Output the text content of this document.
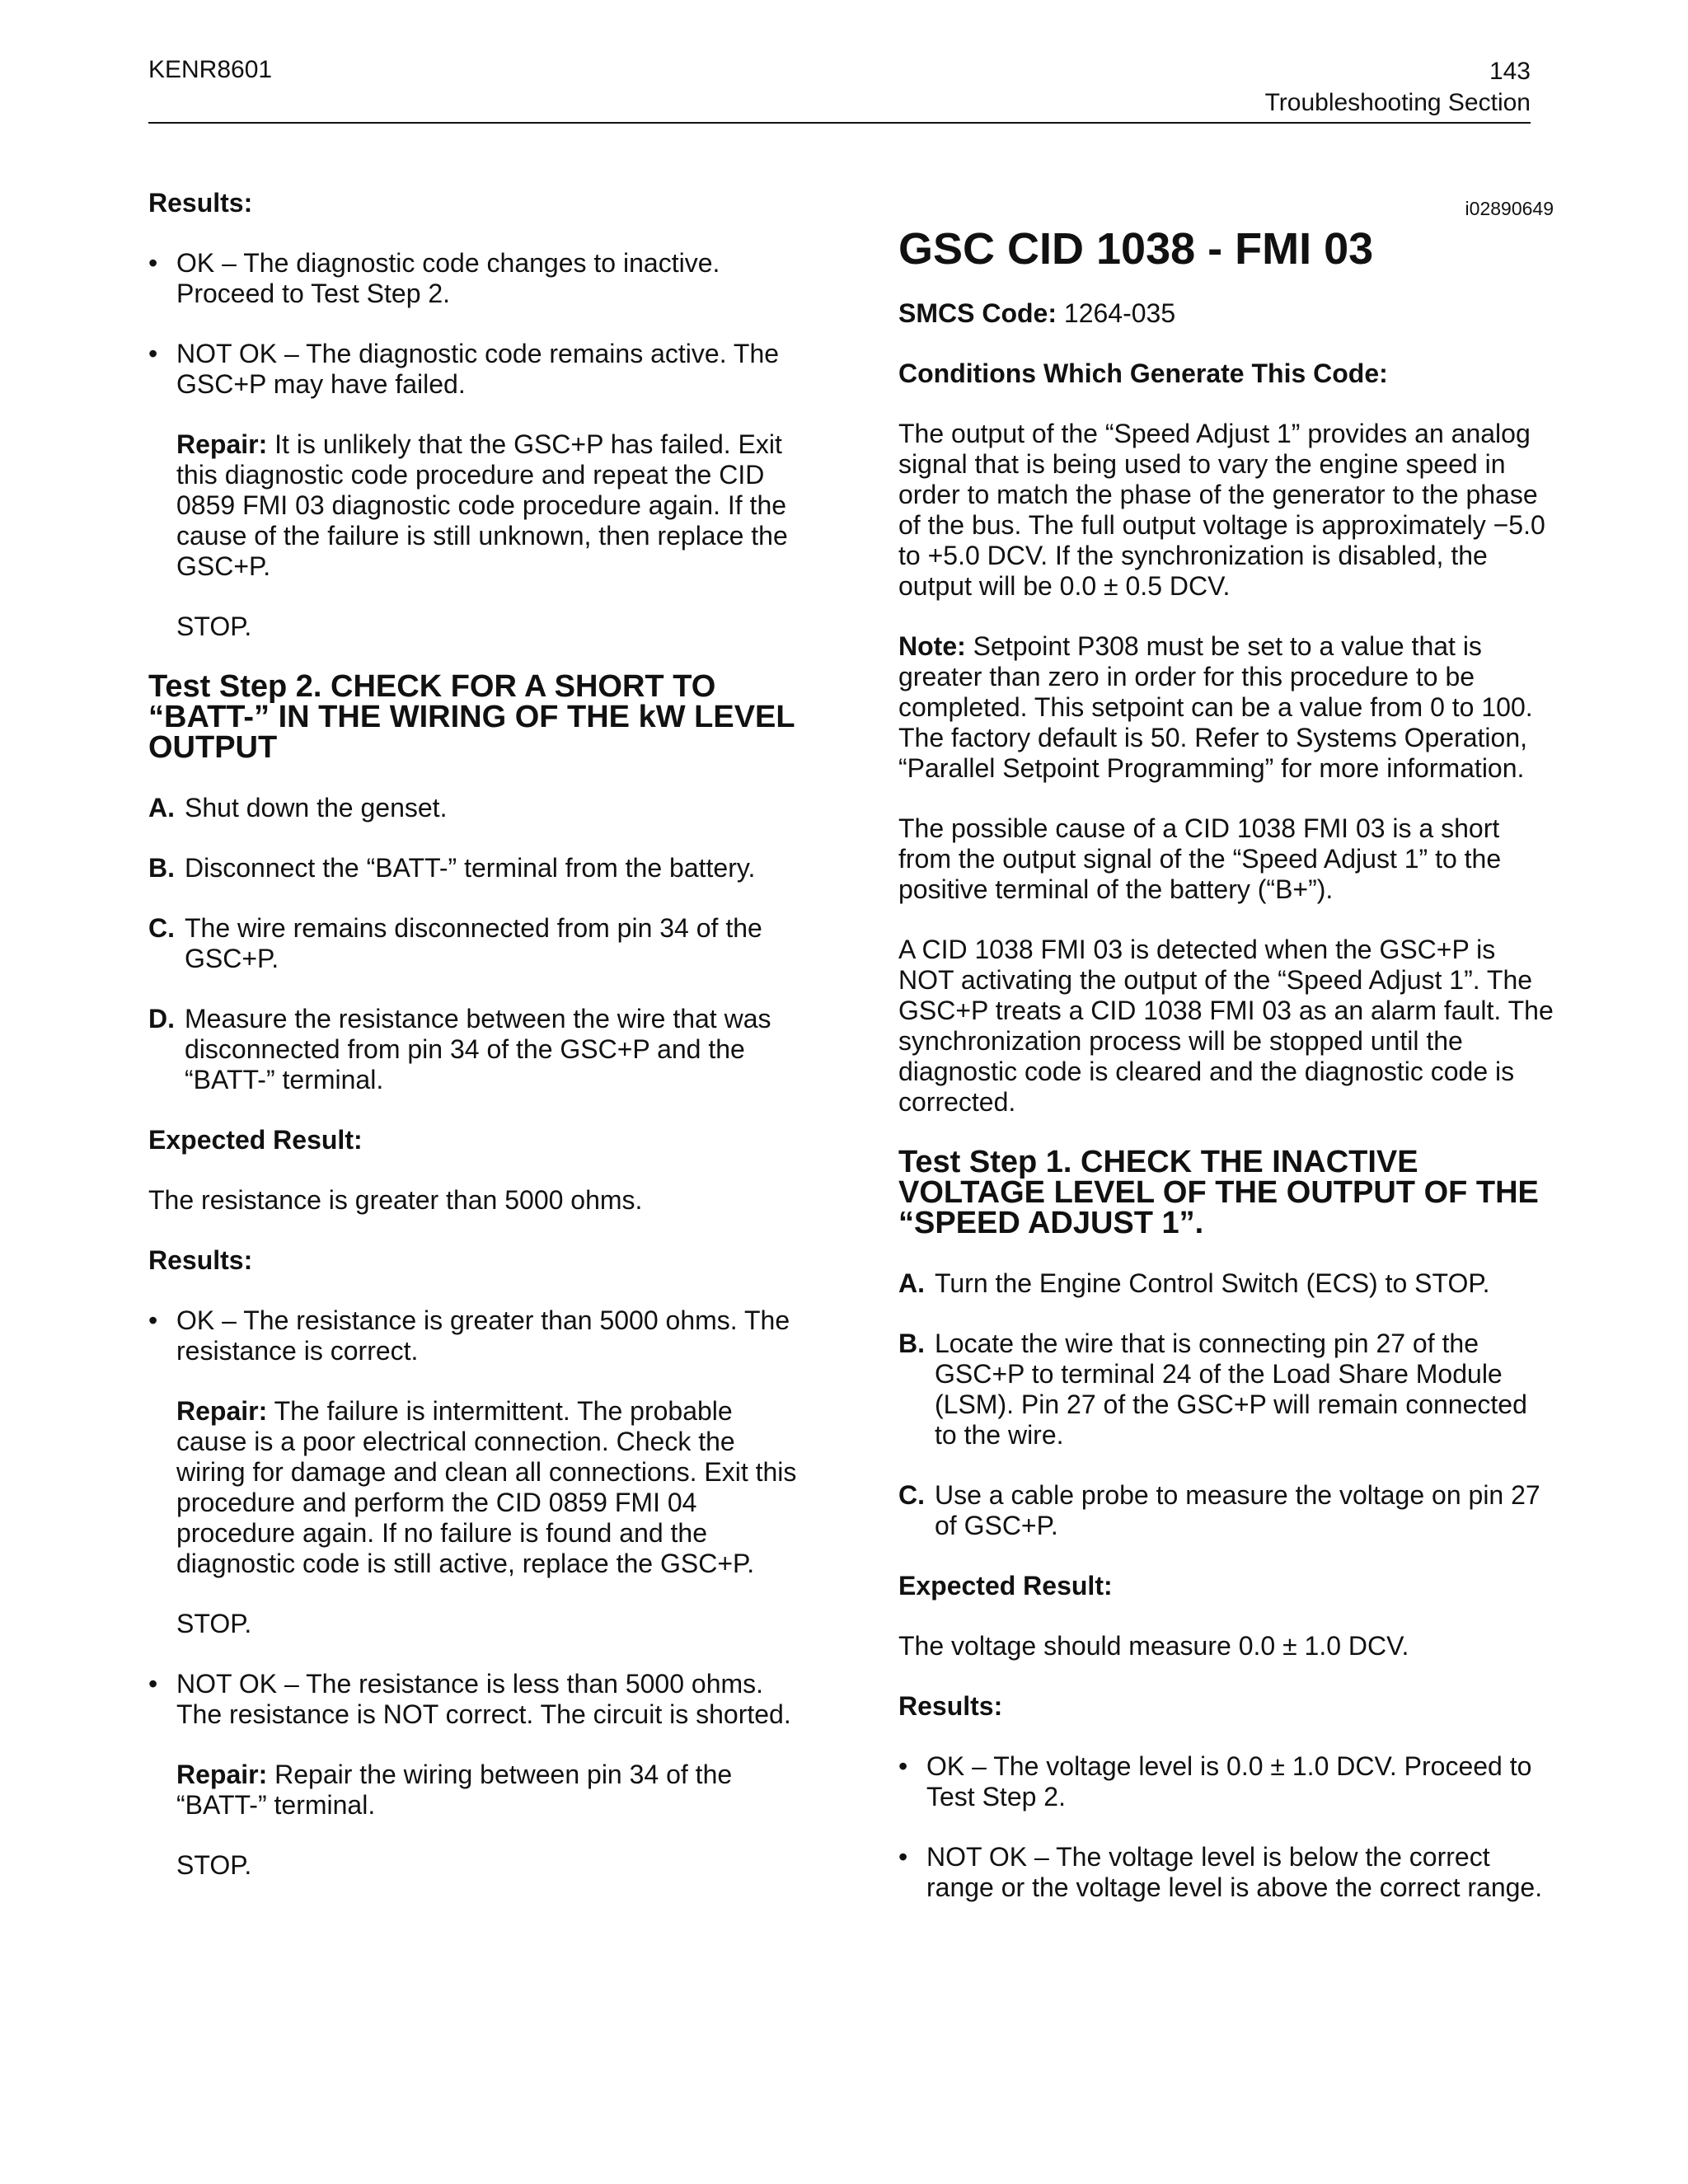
KENR8601	143
Troubleshooting Section

Results:

• OK – The diagnostic code changes to inactive. Proceed to Test Step 2.

• NOT OK – The diagnostic code remains active. The GSC+P may have failed.

Repair: It is unlikely that the GSC+P has failed. Exit this diagnostic code procedure and repeat the CID 0859 FMI 03 diagnostic code procedure again. If the cause of the failure is still unknown, then replace the GSC+P.

STOP.

Test Step 2. CHECK FOR A SHORT TO “BATT-” IN THE WIRING OF THE kW LEVEL OUTPUT

A. Shut down the genset.

B. Disconnect the “BATT-” terminal from the battery.

C. The wire remains disconnected from pin 34 of the GSC+P.

D. Measure the resistance between the wire that was disconnected from pin 34 of the GSC+P and the “BATT-” terminal.

Expected Result:

The resistance is greater than 5000 ohms.

Results:

• OK – The resistance is greater than 5000 ohms. The resistance is correct.

Repair: The failure is intermittent. The probable cause is a poor electrical connection. Check the wiring for damage and clean all connections. Exit this procedure and perform the CID 0859 FMI 04 procedure again. If no failure is found and the diagnostic code is still active, replace the GSC+P.

STOP.

• NOT OK – The resistance is less than 5000 ohms. The resistance is NOT correct. The circuit is shorted.

Repair: Repair the wiring between pin 34 of the “BATT-” terminal.

STOP.

i02890649
GSC CID 1038 - FMI 03

SMCS Code: 1264-035

Conditions Which Generate This Code:

The output of the “Speed Adjust 1” provides an analog signal that is being used to vary the engine speed in order to match the phase of the generator to the phase of the bus. The full output voltage is approximately −5.0 to +5.0 DCV. If the synchronization is disabled, the output will be 0.0 ± 0.5 DCV.

Note: Setpoint P308 must be set to a value that is greater than zero in order for this procedure to be completed. This setpoint can be a value from 0 to 100. The factory default is 50. Refer to Systems Operation, “Parallel Setpoint Programming” for more information.

The possible cause of a CID 1038 FMI 03 is a short from the output signal of the “Speed Adjust 1” to the positive terminal of the battery (“B+”).

A CID 1038 FMI 03 is detected when the GSC+P is NOT activating the output of the “Speed Adjust 1”. The GSC+P treats a CID 1038 FMI 03 as an alarm fault. The synchronization process will be stopped until the diagnostic code is cleared and the diagnostic code is corrected.

Test Step 1. CHECK THE INACTIVE VOLTAGE LEVEL OF THE OUTPUT OF THE “SPEED ADJUST 1”.

A. Turn the Engine Control Switch (ECS) to STOP.

B. Locate the wire that is connecting pin 27 of the GSC+P to terminal 24 of the Load Share Module (LSM). Pin 27 of the GSC+P will remain connected to the wire.

C. Use a cable probe to measure the voltage on pin 27 of GSC+P.

Expected Result:

The voltage should measure 0.0 ± 1.0 DCV.

Results:

• OK – The voltage level is 0.0 ± 1.0 DCV. Proceed to Test Step 2.

• NOT OK – The voltage level is below the correct range or the voltage level is above the correct range.
